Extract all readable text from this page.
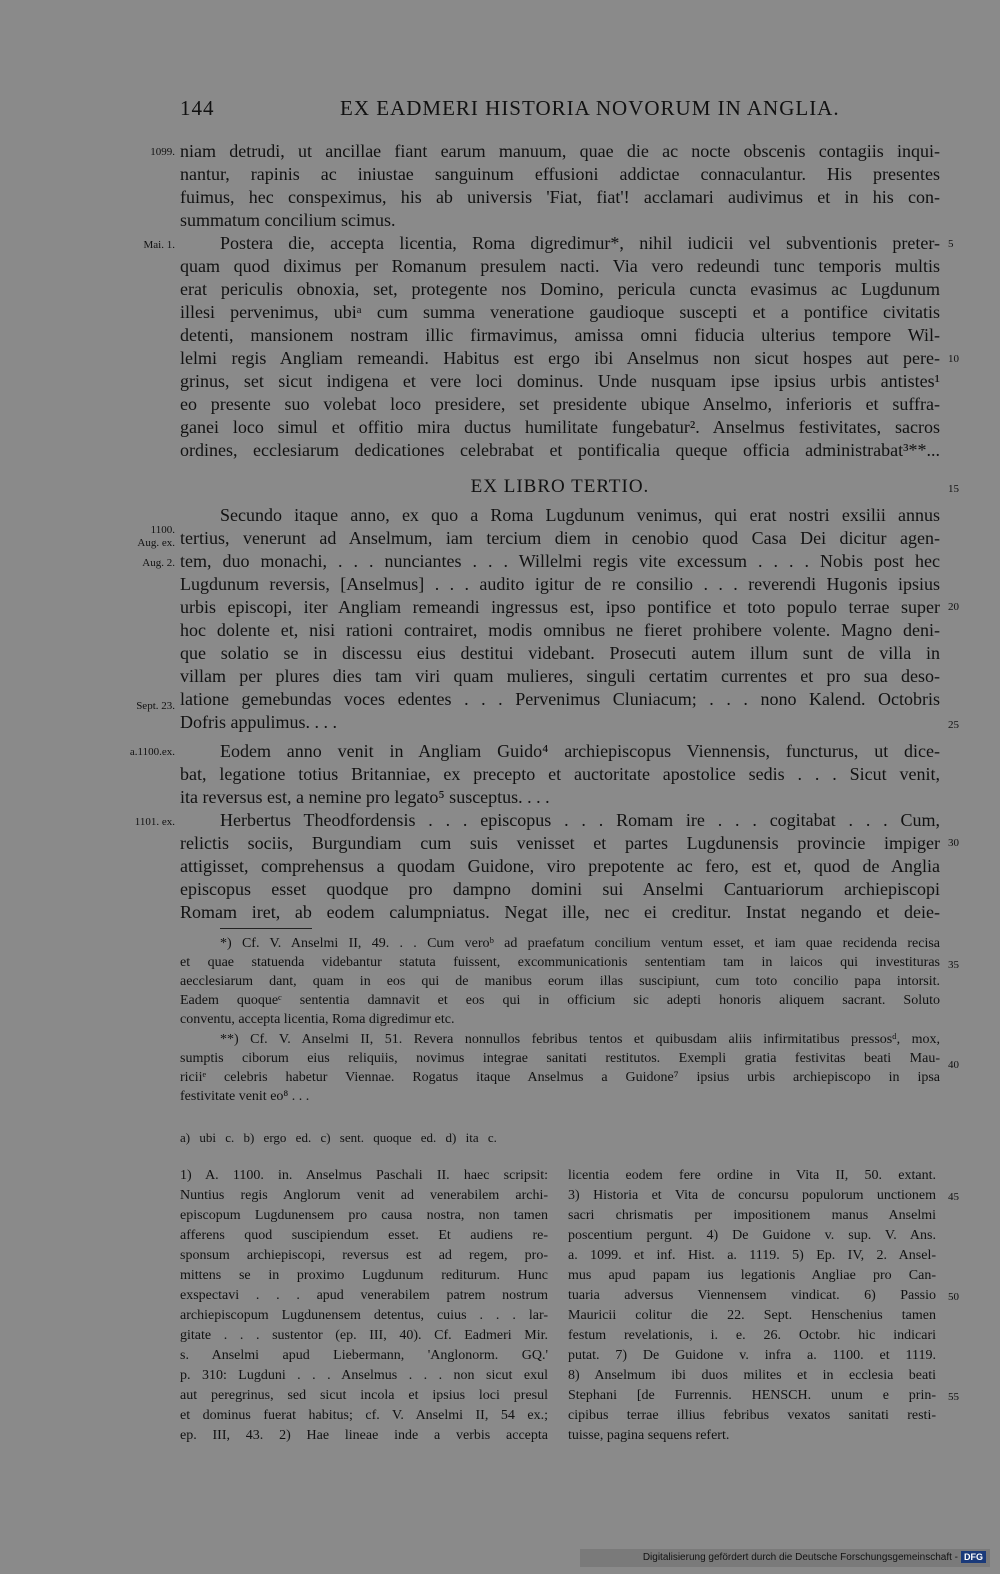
144	EX EADMERI HISTORIA NOVORUM IN ANGLIA.
1099.
Mai. 1.
1100.
Aug. ex.
Aug. 2.
Sept. 23.
a.1100.ex.
1101. ex.
5
10
15
20
25
30
35
40
45
50
55
niam detrudi, ut ancillae fiant earum manuum, quae die ac nocte obscenis contagiis inqui-
nantur, rapinis ac iniustae sanguinum effusioni addictae connaculantur. His presentes
fuimus, hec conspeximus, his ab universis 'Fiat, fiat'! acclamari audivimus et in his con-
summatum concilium scimus.
Postera die, accepta licentia, Roma digredimur*, nihil iudicii vel subventionis preter-
quam quod diximus per Romanum presulem nacti. Via vero redeundi tunc temporis multis
erat periculis obnoxia, set, protegente nos Domino, pericula cuncta evasimus ac Lugdunum
illesi pervenimus, ubiᵃ cum summa veneratione gaudioque suscepti et a pontifice civitatis
detenti, mansionem nostram illic firmavimus, amissa omni fiducia ulterius tempore Wil-
lelmi regis Angliam remeandi. Habitus est ergo ibi Anselmus non sicut hospes aut pere-
grinus, set sicut indigena et vere loci dominus. Unde nusquam ipse ipsius urbis antistes¹
eo presente suo volebat loco presidere, set presidente ubique Anselmo, inferioris et suffra-
ganei loco simul et offitio mira ductus humilitate fungebatur². Anselmus festivitates, sacros
ordines, ecclesiarum dedicationes celebrabat et pontificalia queque officia administrabat³**...
EX LIBRO TERTIO.
Secundo itaque anno, ex quo a Roma Lugdunum venimus, qui erat nostri exsilii annus
tertius, venerunt ad Anselmum, iam tercium diem in cenobio quod Casa Dei dicitur agen-
tem, duo monachi, . . . nunciantes . . . Willelmi regis vite excessum . . . . Nobis post hec
Lugdunum reversis, [Anselmus] . . . audito igitur de re consilio . . . reverendi Hugonis ipsius
urbis episcopi, iter Angliam remeandi ingressus est, ipso pontifice et toto populo terrae super
hoc dolente et, nisi rationi contrairet, modis omnibus ne fieret prohibere volente. Magno deni-
que solatio se in discessu eius destitui videbant. Prosecuti autem illum sunt de villa in
villam per plures dies tam viri quam mulieres, singuli certatim currentes et pro sua deso-
latione gemebundas voces edentes . . . Pervenimus Cluniacum; . . . nono Kalend. Octobris
Dofris appulimus. . . .
Eodem anno venit in Angliam Guido⁴ archiepiscopus Viennensis, functurus, ut dice-
bat, legatione totius Britanniae, ex precepto et auctoritate apostolice sedis . . . Sicut venit,
ita reversus est, a nemine pro legato⁵ susceptus. . . .
Herbertus Theodfordensis . . . episcopus . . . Romam ire . . . cogitabat . . . Cum,
relictis sociis, Burgundiam cum suis venisset et partes Lugdunensis provincie impiger
attigisset, comprehensus a quodam Guidone, viro prepotente ac fero, est et, quod de Anglia
episcopus esset quodque pro dampno domini sui Anselmi Cantuariorum archiepiscopi
Romam iret, ab eodem calumpniatus. Negat ille, nec ei creditur. Instat negando et deie-
*) Cf. V. Anselmi II, 49. . . Cum veroᵇ ad praefatum concilium ventum esset, et iam quae recidenda recisa
et quae statuenda videbantur statuta fuissent, excommunicationis sententiam tam in laicos qui investituras
aecclesiarum dant, quam in eos qui de manibus eorum illas suscipiunt, cum toto concilio papa intorsit.
Eadem quoqueᶜ sententia damnavit et eos qui in officium sic adepti honoris aliquem sacrant. Soluto
conventu, accepta licentia, Roma digredimur etc.
**) Cf. V. Anselmi II, 51. Revera nonnullos febribus tentos et quibusdam aliis infirmitatibus pressosᵈ, mox,
sumptis ciborum eius reliquiis, novimus integrae sanitati restitutos. Exempli gratia festivitas beati Mau-
riciiᵉ celebris habetur Viennae. Rogatus itaque Anselmus a Guidone⁷ ipsius urbis archiepiscopo in ipsa
festivitate venit eo⁸ . . .
a) ubi c. b) ergo ed. c) sent. quoque ed. d) ita c.
1) A. 1100. in. Anselmus Paschali II. haec scripsit:
Nuntius regis Anglorum venit ad venerabilem archi-
episcopum Lugdunensem pro causa nostra, non tamen
afferens quod suscipiendum esset. Et audiens re-
sponsum archiepiscopi, reversus est ad regem, pro-
mittens se in proximo Lugdunum rediturum. Hunc
exspectavi . . . apud venerabilem patrem nostrum
archiepiscopum Lugdunensem detentus, cuius . . . lar-
gitate . . . sustentor (ep. III, 40). Cf. Eadmeri Mir.
s. Anselmi apud Liebermann, 'Anglonorm. GQ.'
p. 310: Lugduni . . . Anselmus . . . non sicut exul
aut peregrinus, sed sicut incola et ipsius loci presul
et dominus fuerat habitus; cf. V. Anselmi II, 54 ex.;
ep. III, 43. 2) Hae lineae inde a verbis accepta
licentia eodem fere ordine in Vita II, 50. extant.
3) Historia et Vita de concursu populorum unctionem
sacri chrismatis per impositionem manus Anselmi
poscentium pergunt. 4) De Guidone v. sup. V. Ans.
a. 1099. et inf. Hist. a. 1119. 5) Ep. IV, 2. Ansel-
mus apud papam ius legationis Angliae pro Can-
tuaria adversus Viennensem vindicat. 6) Passio
Mauricii colitur die 22. Sept. Henschenius tamen
festum revelationis, i. e. 26. Octobr. hic indicari
putat. 7) De Guidone v. infra a. 1100. et 1119.
8) Anselmum ibi duos milites et in ecclesia beati
Stephani [de Furrennis. HENSCH. unum e prin-
cipibus terrae illius febribus vexatos sanitati resti-
tuisse, pagina sequens refert.
Digitalisierung gefördert durch die Deutsche Forschungsgemeinschaft - DFG
